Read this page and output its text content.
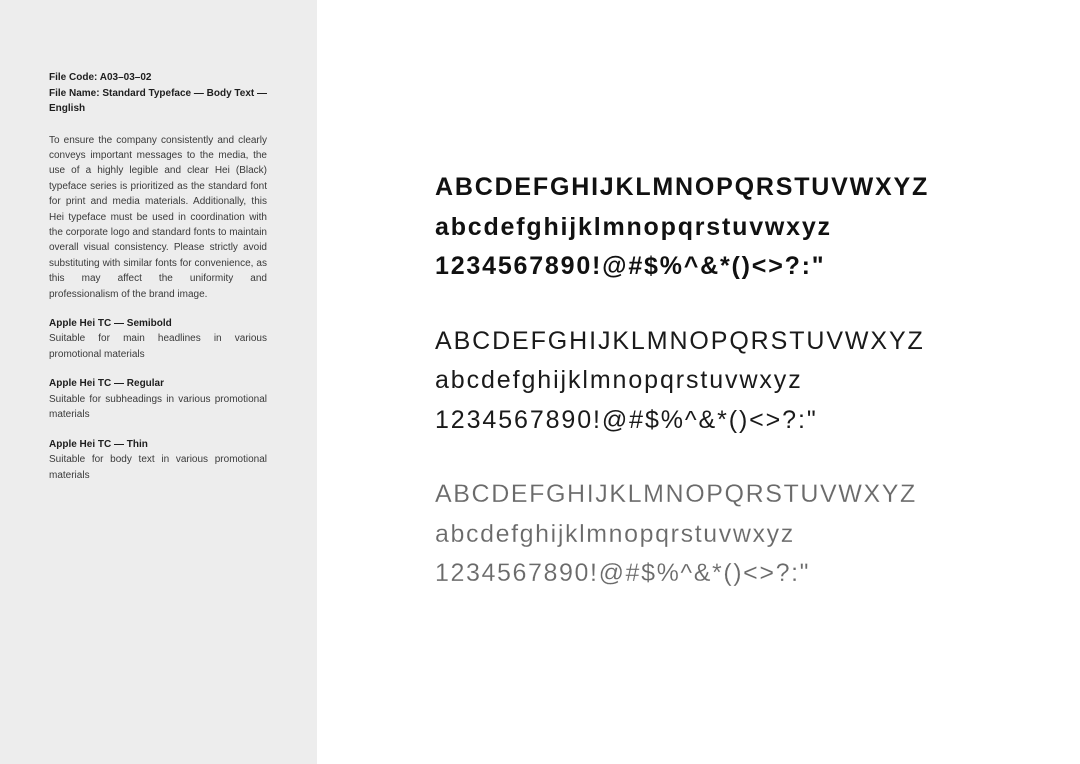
File Code: A03–03–02

File Name: Standard Typeface — Body Text — English

To ensure the company consistently and clearly conveys important messages to the media, the use of a highly legible and clear Hei (Black) typeface series is prioritized as the standard font for print and media materials. Additionally, this Hei typeface must be used in coordination with the corporate logo and standard fonts to maintain overall visual consistency. Please strictly avoid substituting with similar fonts for convenience, as this may affect the uniformity and professionalism of the brand image.
Apple Hei TC — Semibold
Suitable for main headlines in various promotional materials
Apple Hei TC — Regular
Suitable for subheadings in various promotional materials
Apple Hei TC — Thin
Suitable for body text in various promotional materials
ABCDEFGHIJKLMNOPQRSTUVWXYZ
abcdefghijklmnopqrstuvwxyz
1234567890!@#$%^&*()<>?:"
ABCDEFGHIJKLMNOPQRSTUVWXYZ
abcdefghijklmnopqrstuvwxyz
1234567890!@#$%^&*()<>?:"
ABCDEFGHIJKLMNOPQRSTUVWXYZ
abcdefghijklmnopqrstuvwxyz
1234567890!@#$%^&*()<>?:"
